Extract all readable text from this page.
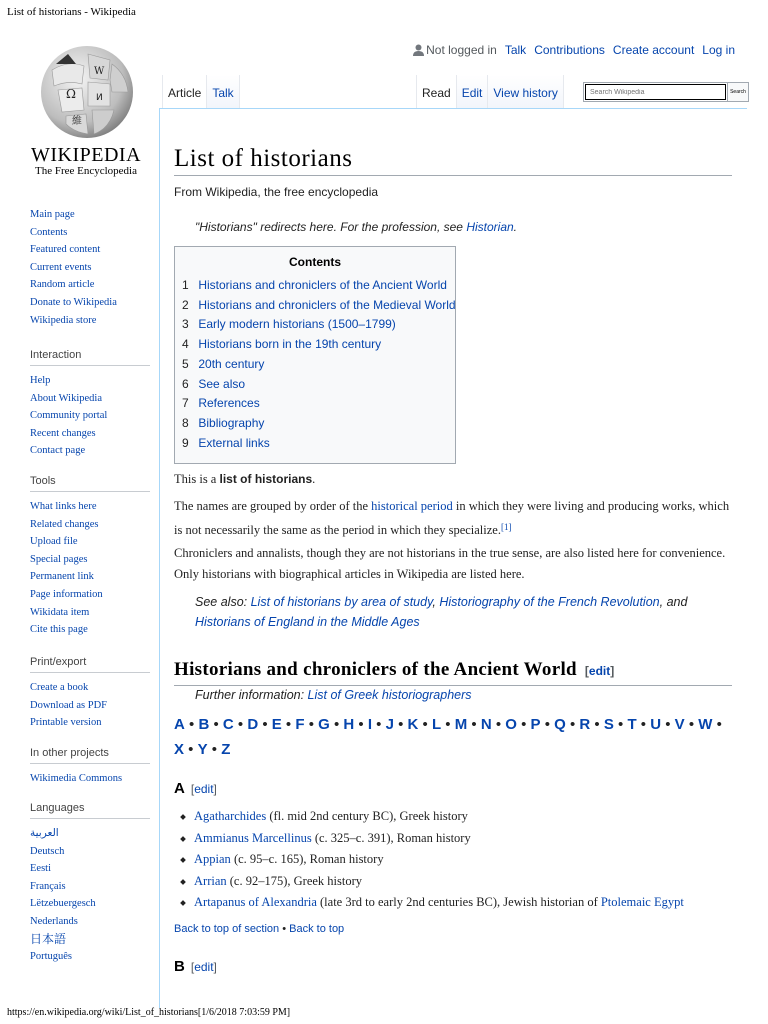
List of historians - Wikipedia
Ω
W
維
И
WIKIPEDIA
The Free Encyclopedia
Main page
Contents
Featured content
Current events
Random article
Donate to Wikipedia
Wikipedia store
Interaction
Help
About Wikipedia
Community portal
Recent changes
Contact page
Tools
What links here
Related changes
Upload file
Special pages
Permanent link
Page information
Wikidata item
Cite this page
Print/export
Create a book
Download as PDF
Printable version
In other projects
Wikimedia Commons
Languages
العربية
Deutsch
Eesti
Français
Lëtzebuergesch
Nederlands
日本語
Português
Not logged in Talk Contributions Create account Log in
Article Talk	Read Edit View history
Search Wikipedia	Search
List of historians
From Wikipedia, the free encyclopedia
"Historians" redirects here. For the profession, see Historian.
Contents
1 Historians and chroniclers of the Ancient World
2 Historians and chroniclers of the Medieval World
3 Early modern historians (1500–1799)
4 Historians born in the 19th century
5 20th century
6 See also
7 References
8 Bibliography
9 External links

This is a list of historians.

The names are grouped by order of the historical period in which they were living and producing works, which is not necessarily the same as the period in which they specialize.[1]

Chroniclers and annalists, though they are not historians in the true sense, are also listed here for convenience. Only historians with biographical articles in Wikipedia are listed here.

See also: List of historians by area of study, Historiography of the French Revolution, and
Historians of England in the Middle Ages
Historians and chroniclers of the Ancient World [edit]
Further information: List of Greek historiographers
A • B • C • D • E • F • G • H • I • J • K • L • M • N • O • P • Q • R • S • T • U • V • W • X • Y • Z
A [edit]
Agatharchides (fl. mid 2nd century BC), Greek history
Ammianus Marcellinus (c. 325–c. 391), Roman history
Appian (c. 95–c. 165), Roman history
Arrian (c. 92–175), Greek history
Artapanus of Alexandria (late 3rd to early 2nd centuries BC), Jewish historian of Ptolemaic Egypt
Back to top of section • Back to top
B [edit]
https://en.wikipedia.org/wiki/List_of_historians[1/6/2018 7:03:59 PM]
